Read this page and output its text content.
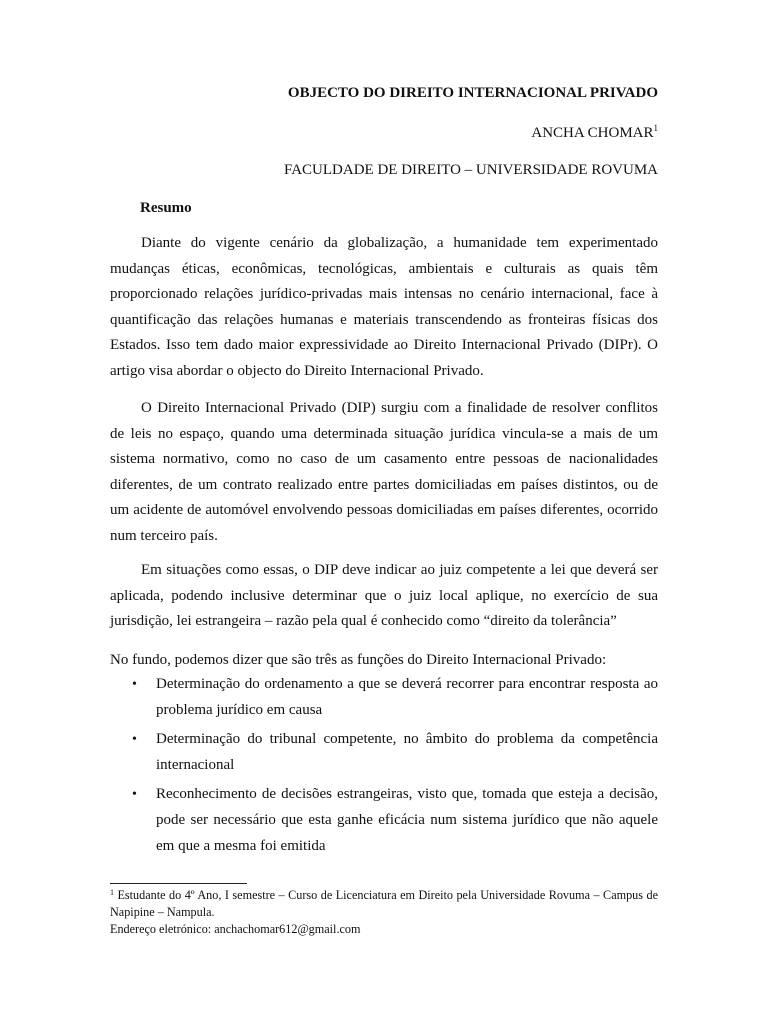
OBJECTO DO DIREITO INTERNACIONAL PRIVADO
ANCHA CHOMAR$^1$
FACULDADE DE DIREITO – UNIVERSIDADE ROVUMA
Resumo

Diante do vigente cenário da globalização, a humanidade tem experimentado mudanças éticas, econômicas, tecnológicas, ambientais e culturais as quais têm proporcionado relações jurídico-privadas mais intensas no cenário internacional, face à quantificação das relações humanas e materiais transcendendo as fronteiras físicas dos Estados. Isso tem dado maior expressividade ao Direito Internacional Privado (DIPr). O artigo visa abordar o objecto do Direito Internacional Privado.

O Direito Internacional Privado (DIP) surgiu com a finalidade de resolver conflitos de leis no espaço, quando uma determinada situação jurídica vincula-se a mais de um sistema normativo, como no caso de um casamento entre pessoas de nacionalidades diferentes, de um contrato realizado entre partes domiciliadas em países distintos, ou de um acidente de automóvel envolvendo pessoas domiciliadas em países diferentes, ocorrido num terceiro país.

Em situações como essas, o DIP deve indicar ao juiz competente a lei que deverá ser aplicada, podendo inclusive determinar que o juiz local aplique, no exercício de sua jurisdição, lei estrangeira – razão pela qual é conhecido como “direito da tolerância”

No fundo, podemos dizer que são três as funções do Direito Internacional Privado:

• Determinação do ordenamento a que se deverá recorrer para encontrar resposta ao problema jurídico em causa
• Determinação do tribunal competente, no âmbito do problema da competência internacional
• Reconhecimento de decisões estrangeiras, visto que, tomada que esteja a decisão, pode ser necessário que esta ganhe eficácia num sistema jurídico que não aquele em que a mesma foi emitida

$^1$ Estudante do 4º Ano, I semestre – Curso de Licenciatura em Direito pela Universidade Rovuma – Campus de Napipine – Nampula.
Endereço eletrónico: anchachomar612@gmail.com
